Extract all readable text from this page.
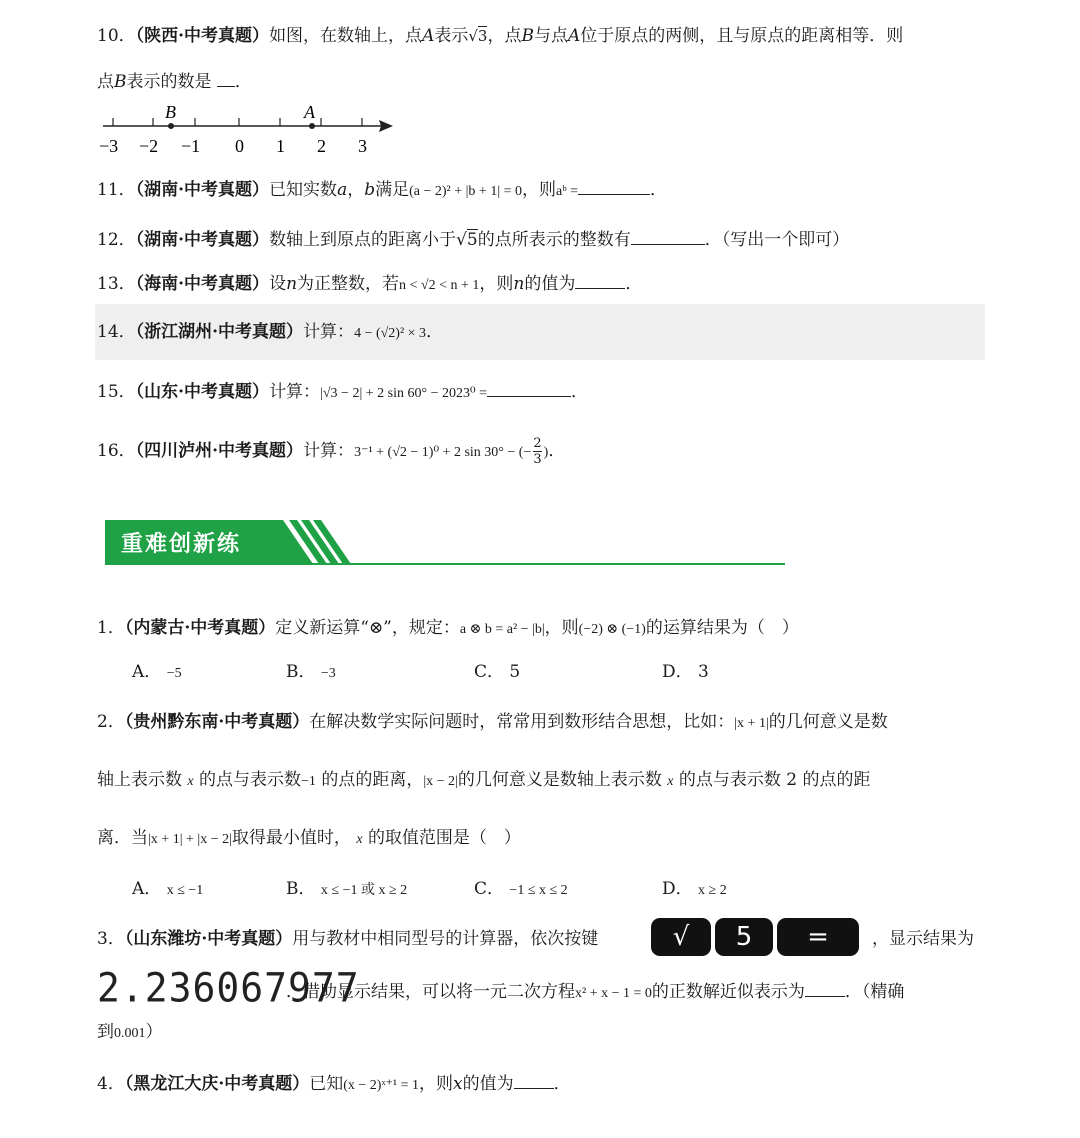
10．（陕西·中考真题）如图，在数轴上，点A表示√3，点B与点A位于原点的两侧，且与原点的距离相等．则
点B表示的数是 ．
B	A
−3 −2 −1 0 1 2 3
11．（湖南·中考真题）已知实数a，b满足(a − 2)² + |b + 1| = 0，则aᵇ =	．
12．（湖南·中考真题）数轴上到原点的距离小于√5的点所表示的整数有	．（写出一个即可）
13．（海南·中考真题）设n为正整数，若n < √2 < n + 1，则n的值为	．
14．（浙江湖州·中考真题）计算：4 − (√2)² × 3．
15．（山东·中考真题）计算：|√3 − 2| + 2 sin 60° − 2023⁰ =	．
16．（四川泸州·中考真题）计算：3⁻¹ + (√2 − 1)⁰ + 2 sin 30° − (− $\frac{2}{3}$ )．
重难创新练
1．（内蒙古·中考真题）定义新运算“⊗”，规定：a ⊗ b = a² − |b|，则(−2) ⊗ (−1)的运算结果为（　）
A． −5	B． −3	C． 5	D． 3
2．（贵州黔东南·中考真题）在解决数学实际问题时，常常用到数形结合思想，比如：|x + 1|的几何意义是数
轴上表示数 x 的点与表示数−1 的点的距离，|x − 2|的几何意义是数轴上表示数 x 的点与表示数 2 的点的距
离．当|x + 1| + |x − 2|取得最小值时， x 的取值范围是（　）
A． x ≤ −1	B． x ≤ −1 或 x ≥ 2	C． −1 ≤ x ≤ 2	D． x ≥ 2
3．（山东潍坊·中考真题）用与教材中相同型号的计算器，依次按键	√	5	=	，显示结果为
2.236067977
．借助显示结果，可以将一元二次方程x² + x − 1 = 0的正数解近似表示为 ．（精确
到0.001）
4．（黑龙江大庆·中考真题）已知(x − 2)ˣ⁺¹ = 1，则x的值为 ．
